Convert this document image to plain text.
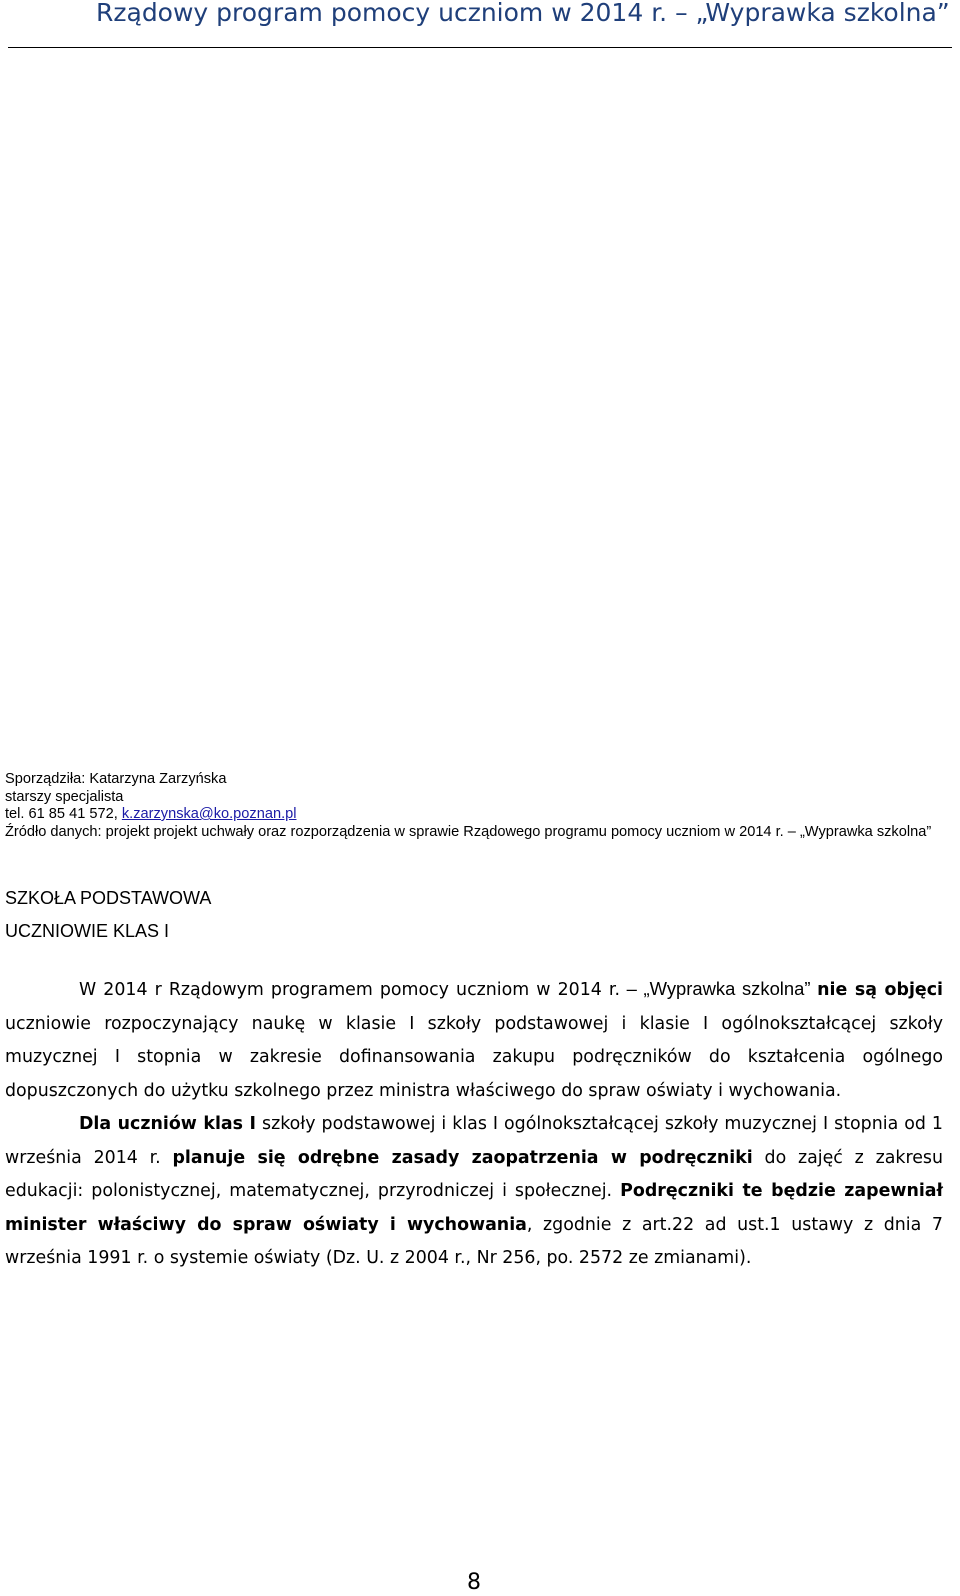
Rządowy program pomocy uczniom w 2014 r. – „Wyprawka szkolna”
Sporządziła: Katarzyna Zarzyńska
starszy specjalista
tel. 61 85 41 572, k.zarzynska@ko.poznan.pl
Źródło danych: projekt projekt uchwały oraz rozporządzenia w sprawie Rządowego programu pomocy uczniom w 2014 r. – „Wyprawka szkolna”
SZKOŁA PODSTAWOWA
UCZNIOWIE KLAS I

W 2014 r Rządowym programem pomocy uczniom w 2014 r. – „Wyprawka szkolna” nie są objęci uczniowie rozpoczynający naukę w klasie I szkoły podstawowej i klasie I ogólnokształcącej szkoły muzycznej I stopnia w zakresie dofinansowania zakupu podręczników do kształcenia ogólnego dopuszczonych do użytku szkolnego przez ministra właściwego do spraw oświaty i wychowania.

Dla uczniów klas I szkoły podstawowej i klas I ogólnokształcącej szkoły muzycznej I stopnia od 1 września 2014 r. planuje się odrębne zasady zaopatrzenia w podręczniki do zajęć z zakresu edukacji: polonistycznej, matematycznej, przyrodniczej i społecznej. Podręczniki te będzie zapewniał minister właściwy do spraw oświaty i wychowania, zgodnie z art.22 ad ust.1 ustawy z dnia 7 września 1991 r. o systemie oświaty (Dz. U. z 2004 r., Nr 256, po. 2572 ze zmianami).

8
